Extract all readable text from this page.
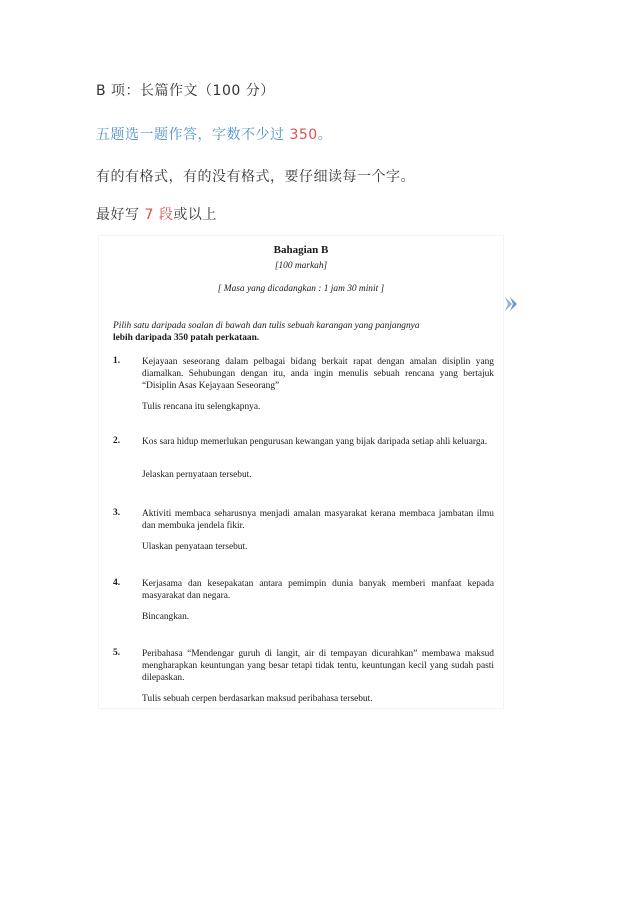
B 项：长篇作文（100 分）
五题选一题作答，字数不少过 350。
有的有格式，有的没有格式，要仔细读每一个字。
最好写 7 段或以上
Bahagian B
[100 markah]
[ Masa yang dicadangkan : 1 jam 30 minit ]
Pilih satu daripada soalan di bawah dan tulis sebuah karangan yang panjangnya
lebih daripada 350 patah perkataan.
1. Kejayaan seseorang dalam pelbagai bidang berkait rapat dengan amalan disiplin yang diamalkan. Sehubungan dengan itu, anda ingin menulis sebuah rencana yang bertajuk “Disiplin Asas Kejayaan Seseorang”
Tulis rencana itu selengkapnya.
2. Kos sara hidup memerlukan pengurusan kewangan yang bijak daripada setiap ahli keluarga.
Jelaskan pernyataan tersebut.
3. Aktiviti membaca seharusnya menjadi amalan masyarakat kerana membaca jambatan ilmu dan membuka jendela fikir.
Ulaskan penyataan tersebut.
4. Kerjasama dan kesepakatan antara pemimpin dunia banyak memberi manfaat kepada masyarakat dan negara.
Bincangkan.
5. Peribahasa “Mendengar guruh di langit, air di tempayan dicurahkan” membawa maksud mengharapkan keuntungan yang besar tetapi tidak tentu, keuntungan kecil yang sudah pasti dilepaskan.
Tulis sebuah cerpen berdasarkan maksud peribahasa tersebut.
